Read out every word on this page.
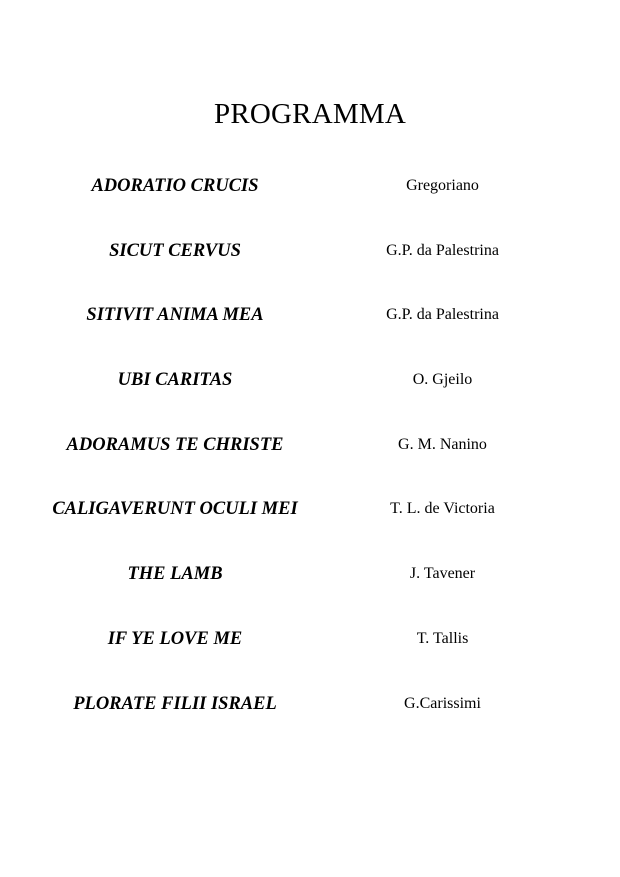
PROGRAMMA
ADORATIO CRUCIS	Gregoriano
SICUT CERVUS	G.P. da Palestrina
SITIVIT ANIMA MEA	G.P. da Palestrina
UBI CARITAS	O. Gjeilo
ADORAMUS TE CHRISTE	G. M. Nanino
CALIGAVERUNT OCULI MEI	T. L. de Victoria
THE LAMB	J. Tavener
IF YE LOVE ME	T. Tallis
PLORATE FILII ISRAEL	G.Carissimi
